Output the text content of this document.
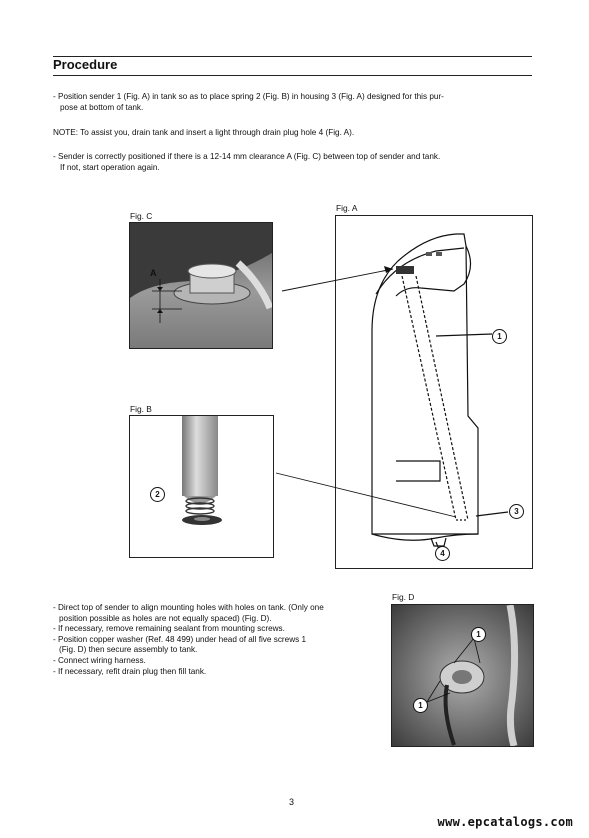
Procedure
- Position sender 1 (Fig. A) in tank so as to place spring 2 (Fig. B) in housing 3 (Fig. A) designed for this pur-
pose at bottom of tank.
NOTE: To assist you, drain tank and insert a light through drain plug hole 4 (Fig. A).
- Sender is correctly positioned if there is a 12-14 mm clearance A (Fig. C) between top of sender and tank.
If not, start operation again.
Fig. C
A
Fig. B
2
Fig. A
1
3
4
- Direct top of sender to align mounting holes with holes on tank. (Only one
position possible as holes are not equally spaced) (Fig. D).
- If necessary, remove remaining sealant from mounting screws.
- Position copper washer (Ref. 48 499) under head of all five screws 1
(Fig. D) then secure assembly to tank.
- Connect wiring harness.
- If necessary, refit drain plug then fill tank.
Fig. D
1
1
3
www.epcatalogs.com
